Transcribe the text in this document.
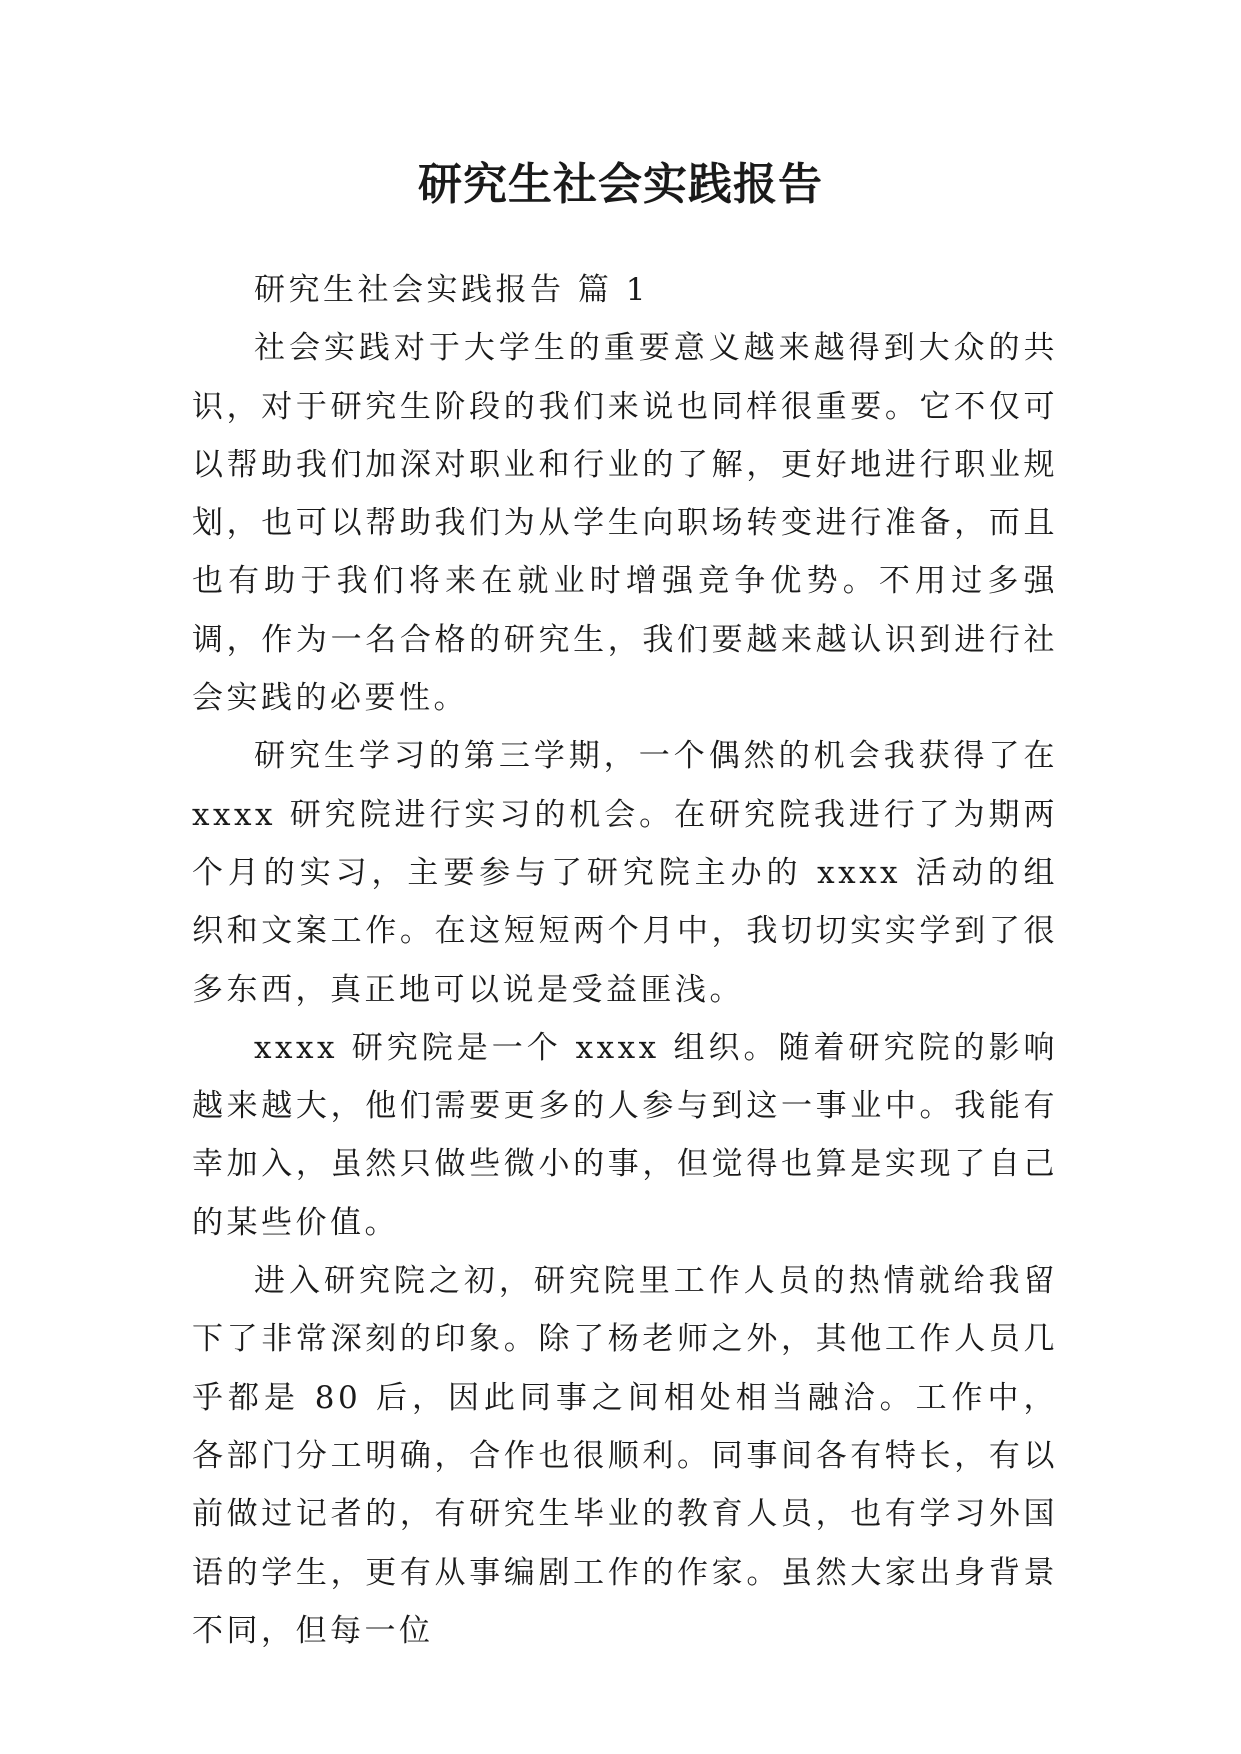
研究生社会实践报告

研究生社会实践报告 篇 1

社会实践对于大学生的重要意义越来越得到大众的共识，对于研究生阶段的我们来说也同样很重要。它不仅可以帮助我们加深对职业和行业的了解，更好地进行职业规划，也可以帮助我们为从学生向职场转变进行准备，而且也有助于我们将来在就业时增强竞争优势。不用过多强调，作为一名合格的研究生，我们要越来越认识到进行社会实践的必要性。

研究生学习的第三学期，一个偶然的机会我获得了在 xxxx 研究院进行实习的机会。在研究院我进行了为期两个月的实习，主要参与了研究院主办的 xxxx 活动的组织和文案工作。在这短短两个月中，我切切实实学到了很多东西，真正地可以说是受益匪浅。

xxxx 研究院是一个 xxxx 组织。随着研究院的影响越来越大，他们需要更多的人参与到这一事业中。我能有幸加入，虽然只做些微小的事，但觉得也算是实现了自己的某些价值。

进入研究院之初，研究院里工作人员的热情就给我留下了非常深刻的印象。除了杨老师之外，其他工作人员几乎都是 80 后，因此同事之间相处相当融洽。工作中，各部门分工明确，合作也很顺利。同事间各有特长，有以前做过记者的，有研究生毕业的教育人员，也有学习外国语的学生，更有从事编剧工作的作家。虽然大家出身背景不同，但每一位
